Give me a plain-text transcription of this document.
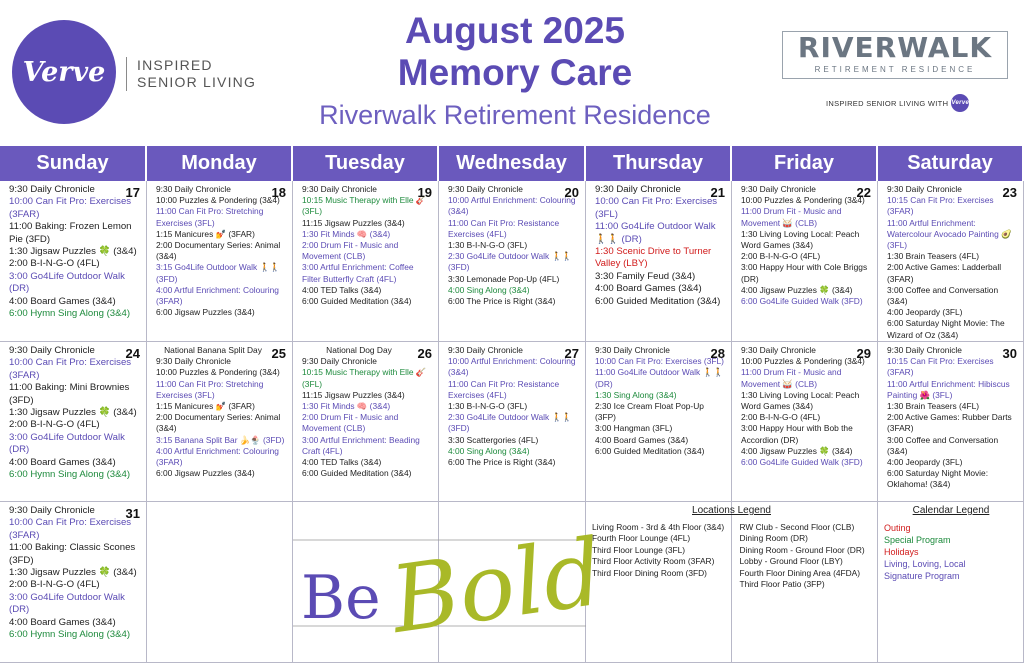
Verve INSPIRED
SENIOR LIVING
August 2025
Memory Care
Riverwalk Retirement Residence
RIVERWALK
RETIREMENT RESIDENCE
INSPIRED SENIOR LIVING WITH Verve
Sunday	Monday	Tuesday	Wednesday	Thursday	Friday	Saturday
17
9:30 Daily Chronicle
10:00 Can Fit Pro: Exercises (3FAR)
11:00 Baking: Frozen Lemon Pie (3FD)
1:30 Jigsaw Puzzles 🍀 (3&4)
2:00 B-I-N-G-O (4FL)
3:00 Go4Life Outdoor Walk (DR)
4:00 Board Games (3&4)
6:00 Hymn Sing Along (3&4)
18
9:30 Daily Chronicle
10:00 Puzzles & Pondering (3&4)
11:00 Can Fit Pro: Stretching Exercises (3FL)
1:15 Manicures 💅 (3FAR)
2:00 Documentary Series: Animal (3&4)
3:15 Go4Life Outdoor Walk 🚶🚶 (3FD)
4:00 Artful Enrichment: Colouring (3FAR)
6:00 Jigsaw Puzzles (3&4)
19
9:30 Daily Chronicle
10:15 Music Therapy with Elle 🎸 (3FL)
11:15 Jigsaw Puzzles (3&4)
1:30 Fit Minds 🧠 (3&4)
2:00 Drum Fit - Music and Movement (CLB)
3:00 Artful Enrichment: Coffee Filter Butterfly Craft (4FL)
4:00 TED Talks (3&4)
6:00 Guided Meditation (3&4)
20
9:30 Daily Chronicle
10:00 Artful Enrichment: Colouring (3&4)
11:00 Can Fit Pro: Resistance Exercises (4FL)
1:30 B-I-N-G-O (3FL)
2:30 Go4Life Outdoor Walk 🚶🚶 (3FD)
3:30 Lemonade Pop-Up (4FL)
4:00 Sing Along (3&4)
6:00 The Price is Right (3&4)
21
9:30 Daily Chronicle
10:00 Can Fit Pro: Exercises (3FL)
11:00 Go4Life Outdoor Walk 🚶🚶 (DR)
1:30 Scenic Drive to Turner Valley (LBY)
3:30 Family Feud (3&4)
4:00 Board Games (3&4)
6:00 Guided Meditation (3&4)
22
9:30 Daily Chronicle
10:00 Puzzles & Pondering (3&4)
11:00 Drum Fit - Music and Movement 🥁 (CLB)
1:30 Living Loving Local: Peach Word Games (3&4)
2:00 B-I-N-G-O (4FL)
3:00 Happy Hour with Cole Briggs (DR)
4:00 Jigsaw Puzzles 🍀 (3&4)
6:00 Go4Life Guided Walk (3FD)
23
9:30 Daily Chronicle
10:15 Can Fit Pro: Exercises (3FAR)
11:00 Artful Enrichment: Watercolour Avocado Painting 🥑 (3FL)
1:30 Brain Teasers (4FL)
2:00 Active Games: Ladderball (3FAR)
3:00 Coffee and Conversation (3&4)
4:00 Jeopardy (3FL)
6:00 Saturday Night Movie: The Wizard of Oz (3&4)
24
9:30 Daily Chronicle
10:00 Can Fit Pro: Exercises (3FAR)
11:00 Baking: Mini Brownies (3FD)
1:30 Jigsaw Puzzles 🍀 (3&4)
2:00 B-I-N-G-O (4FL)
3:00 Go4Life Outdoor Walk (DR)
4:00 Board Games (3&4)
6:00 Hymn Sing Along (3&4)
25
National Banana Split Day
9:30 Daily Chronicle
10:00 Puzzles & Pondering (3&4)
11:00 Can Fit Pro: Stretching Exercises (3FL)
1:15 Manicures 💅 (3FAR)
2:00 Documentary Series: Animal (3&4)
3:15 Banana Split Bar 🍌🍨 (3FD)
4:00 Artful Enrichment: Colouring (3FAR)
6:00 Jigsaw Puzzles (3&4)
26
National Dog Day
9:30 Daily Chronicle
10:15 Music Therapy with Elle 🎸 (3FL)
11:15 Jigsaw Puzzles (3&4)
1:30 Fit Minds 🧠 (3&4)
2:00 Drum Fit - Music and Movement (CLB)
3:00 Artful Enrichment: Beading Craft (4FL)
4:00 TED Talks (3&4)
6:00 Guided Meditation (3&4)
27
9:30 Daily Chronicle
10:00 Artful Enrichment: Colouring (3&4)
11:00 Can Fit Pro: Resistance Exercises (4FL)
1:30 B-I-N-G-O (3FL)
2:30 Go4Life Outdoor Walk 🚶🚶 (3FD)
3:30 Scattergories (4FL)
4:00 Sing Along (3&4)
6:00 The Price is Right (3&4)
28
9:30 Daily Chronicle
10:00 Can Fit Pro: Exercises (3FL)
11:00 Go4Life Outdoor Walk 🚶🚶 (DR)
1:30 Sing Along (3&4)
2:30 Ice Cream Float Pop-Up (3FP)
3:00 Hangman (3FL)
4:00 Board Games (3&4)
6:00 Guided Meditation (3&4)
29
9:30 Daily Chronicle
10:00 Puzzles & Pondering (3&4)
11:00 Drum Fit - Music and Movement 🥁 (CLB)
1:30 Living Loving Local: Peach Word Games (3&4)
2:00 B-I-N-G-O (4FL)
3:00 Happy Hour with Bob the Accordion (DR)
4:00 Jigsaw Puzzles 🍀 (3&4)
6:00 Go4Life Guided Walk (3FD)
30
9:30 Daily Chronicle
10:15 Can Fit Pro: Exercises (3FAR)
11:00 Artful Enrichment: Hibiscus Painting 🌺 (3FL)
1:30 Brain Teasers (4FL)
2:00 Active Games: Rubber Darts (3FAR)
3:00 Coffee and Conversation (3&4)
4:00 Jeopardy (3FL)
6:00 Saturday Night Movie: Oklahoma! (3&4)
31
9:30 Daily Chronicle
10:00 Can Fit Pro: Exercises (3FAR)
11:00 Baking: Classic Scones (3FD)
1:30 Jigsaw Puzzles 🍀 (3&4)
2:00 B-I-N-G-O (4FL)
3:00 Go4Life Outdoor Walk (DR)
4:00 Board Games (3&4)
6:00 Hymn Sing Along (3&4)
Be Bold
Locations Legend
Living Room - 3rd & 4th Floor (3&4)
Fourth Floor Lounge (4FL)
Third Floor Lounge (3FL)
Third Floor Activity Room (3FAR)
Third Floor Dining Room (3FD)
RW Club - Second Floor (CLB)
Dining Room (DR)
Dining Room - Ground Floor (DR)
Lobby - Ground Floor (LBY)
Fourth Floor Dining Area (4FDA)
Third Floor Patio (3FP)
Calendar Legend
Outing
Special Program
Holidays
Living, Loving, Local
Signature Program
